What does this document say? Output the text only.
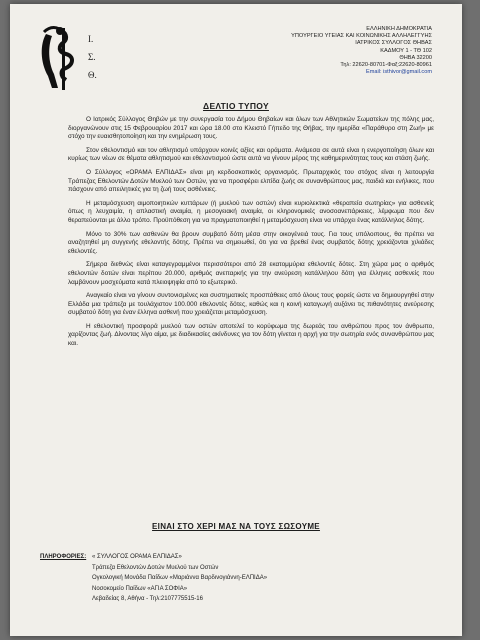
Ι.
Σ.
Θ.
ΕΛΛΗΝΙΚΗ ΔΗΜΟΚΡΑΤΙΑ
ΥΠΟΥΡΓΕΙΟ ΥΓΕΙΑΣ ΚΑΙ ΚΟΙΝΩΝΙΚΗΣ ΑΛΛΗΛΕΓΓΥΗΣ
ΙΑΤΡΙΚΟΣ ΣΥΛΛΟΓΟΣ ΘΗΒΑΣ
ΚΑΔΜΟΥ 1 - ΤΘ 102
ΘΗΒΑ 32200
Τηλ: 22620-80701-Φαξ:22620-80961
Email: isthivor@gmail.com
ΔΕΛΤΙΟ ΤΥΠΟΥ

Ο Ιατρικός Σύλλογος Θηβών με την συνεργασία του Δήμου Θηβαίων και όλων των Αθλητικών Σωματείων της πόλης μας, διοργανώνουν στις 15 Φεβρουαρίου 2017 και ώρα 18.00 στο Κλειστό Γήπεδο της Θήβας, την ημερίδα «Παράθυρο στη Ζωή» με στόχο την ευαισθητοποίηση και την ενημέρωση τους.

Στον εθελοντισμό και τον αθλητισμό υπάρχουν κοινές αξίες και οράματα. Ανάμεσα σε αυτά είναι η ενεργοποίηση όλων και κυρίως των νέων σε θέματα αθλητισμού και εθελοντισμού ώστε αυτά να γίνουν μέρος της καθημερινότητας τους και στάση ζωής.

Ο Σύλλογος «ΟΡΑΜΑ ΕΛΠΙΔΑΣ» είναι μη κερδοσκοπικός οργανισμός. Πρωταρχικός του στόχος είναι η λειτουργία Τράπεζας Εθελοντών Δοτών Μυελού των Οστών, για να προσφέρει ελπίδα ζωής σε συνανθρώπους μας, παιδιά και ενήλικες, που πάσχουν από απειλητικές για τη ζωή τους ασθένειες.

Η μεταμόσχευση αιμοποιητικών κυττάρων (ή μυελού των οστών) είναι κυριολεκτικά «θεραπεία σωτηρίας» για ασθενείς όπως η λευχαιμία, η απλαστική αναιμία, η μεσογειακή αναιμία, οι κληρονομικές ανοσοανεπάρκειες, λέμφωμα που δεν θεραπεύονται με άλλο τρόπο. Προϋπόθεση για να πραγματοποιηθεί η μεταμόσχευση είναι να υπάρχει ένας κατάλληλος δότης.

Μόνο το 30% των ασθενών θα βρουν συμβατό δότη μέσα στην οικογένειά τους. Για τους υπόλοιπους, θα πρέπει να αναζητηθεί μη συγγενής εθελοντής δότης. Πρέπει να σημειωθεί, ότι για να βρεθεί ένας συμβατός δότης χρειάζονται χιλιάδες εθελοντές.

Σήμερα διεθνώς είναι καταγεγραμμένοι περισσότεροι από 28 εκατομμύρια εθελοντές δότες. Στη χώρα μας ο αριθμός εθελοντών δοτών είναι περίπου 20.000, αριθμός ανεπαρκής για την ανεύρεση κατάλληλου δότη για έλληνες ασθενείς που λαμβάνουν μοσχεύματα κατά πλειοψηφία από το εξωτερικό.

Αναγκαίο είναι να γίνουν συντονισμένες και συστηματικές προσπάθειες από όλους τους φορείς ώστε να δημιουργηθεί στην Ελλάδα μια τράπεζα με τουλάχιστον 100.000 εθελοντές δότες, καθώς και η κοινή καταγωγή αυξάνει τις πιθανότητες ανεύρεσης συμβατού δότη για έναν έλληνα ασθενή που χρειάζεται μεταμόσχευση.

Η εθελοντική προσφορά μυελού των οστών αποτελεί το κορύφωμα της δωρεάς του ανθρώπου προς τον άνθρωπο, χαρίζοντας ζωή. Δίνοντας λίγο αίμα, με διαδικασίες ακίνδυνες για τον δότη γίνεται η αρχή για την σωτηρία ενός συνανθρώπου μας και.

ΕΙΝΑΙ ΣΤΟ ΧΕΡΙ ΜΑΣ ΝΑ ΤΟΥΣ ΣΩΣΟΥΜΕ
ΠΛΗΡΟΦΟΡΙΕΣ: « ΣΥΛΛΟΓΟΣ ΟΡΑΜΑ ΕΛΠΙΔΑΣ»
Τράπεζα Εθελοντών Δοτών Μυελού των Οστών
Ογκολογική Μονάδα Παίδων «Μαριάννα Βαρδινογιάννη-ΕΛΠΙΔΑ»
Νοσοκομείο Παίδων «ΑΓΙΑ ΣΟΦΙΑ»
Λεβαδείας 8, Αθήνα - Τηλ:2107775515-16
